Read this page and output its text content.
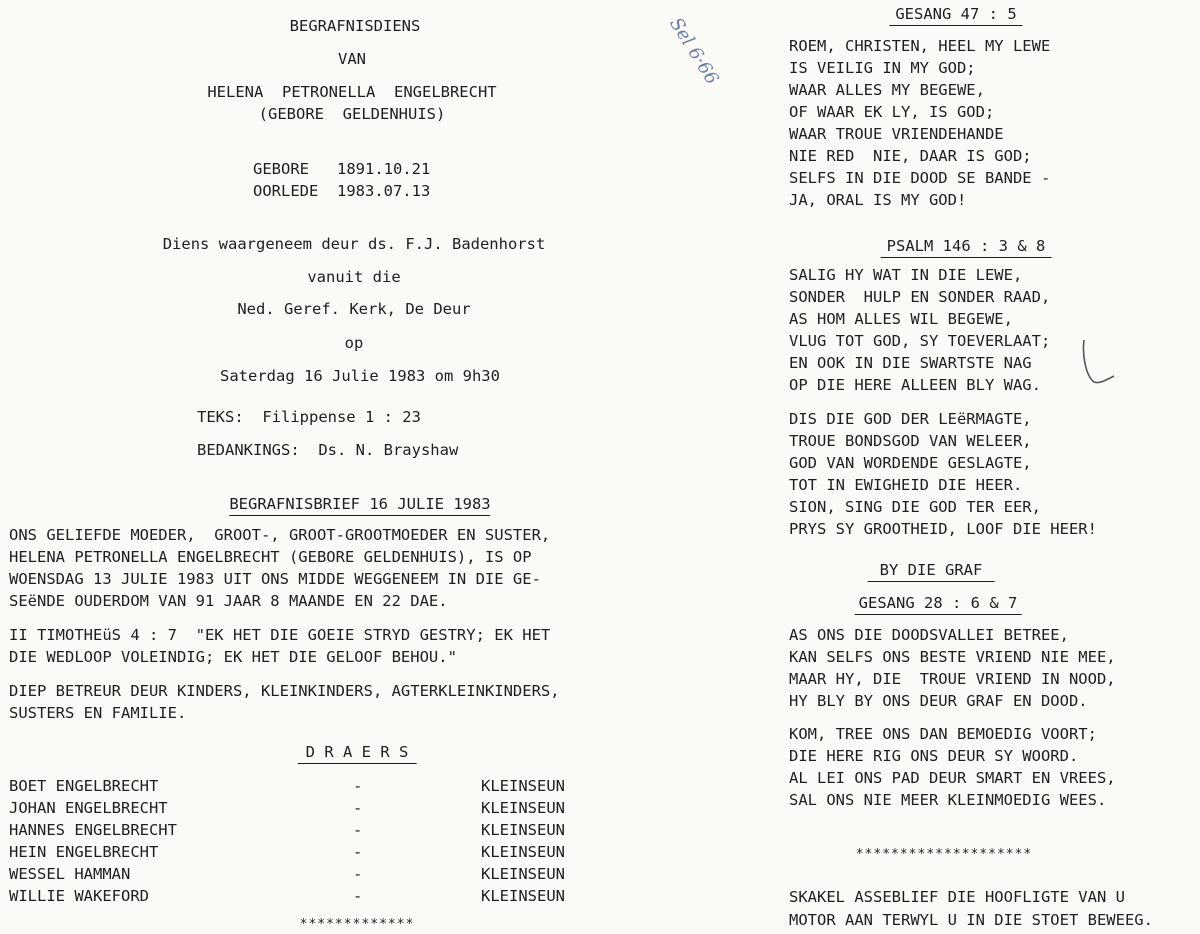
BEGRAFNISDIENS
VAN
HELENA  PETRONELLA  ENGELBRECHT
(GEBORE  GELDENHUIS)
GEBORE   1891.10.21
OORLEDE  1983.07.13
Diens waargeneem deur ds. F.J. Badenhorst
vanuit die
Ned. Geref. Kerk, De Deur
op
Saterdag 16 Julie 1983 om 9h30
TEKS:  Filippense 1 : 23
BEDANKINGS:  Ds. N. Brayshaw
BEGRAFNISBRIEF 16 JULIE 1983
ONS GELIEFDE MOEDER,  GROOT-, GROOT-GROOTMOEDER EN SUSTER,
HELENA PETRONELLA ENGELBRECHT (GEBORE GELDENHUIS), IS OP
WOENSDAG 13 JULIE 1983 UIT ONS MIDDE WEGGENEEM IN DIE GE-
SEëNDE OUDERDOM VAN 91 JAAR 8 MAANDE EN 22 DAE.
II TIMOTHEüS 4 : 7  "EK HET DIE GOEIE STRYD GESTRY; EK HET
DIE WEDLOOP VOLEINDIG; EK HET DIE GELOOF BEHOU."
DIEP BETREUR DEUR KINDERS, KLEINKINDERS, AGTERKLEINKINDERS,
SUSTERS EN FAMILIE.
D R A E R S
BOET ENGELBRECHT	-	KLEINSEUN
JOHAN ENGELBRECHT	-	KLEINSEUN
HANNES ENGELBRECHT	-	KLEINSEUN
HEIN ENGELBRECHT	-	KLEINSEUN
WESSEL HAMMAN	-	KLEINSEUN
WILLIE WAKEFORD	-	KLEINSEUN
*************
Sel 6·66	GESANG 47 : 5
ROEM, CHRISTEN, HEEL MY LEWE
IS VEILIG IN MY GOD;
WAAR ALLES MY BEGEWE,
OF WAAR EK LY, IS GOD;
WAAR TROUE VRIENDEHANDE
NIE RED  NIE, DAAR IS GOD;
SELFS IN DIE DOOD SE BANDE -
JA, ORAL IS MY GOD!
PSALM 146 : 3 & 8
SALIG HY WAT IN DIE LEWE,
SONDER  HULP EN SONDER RAAD,
AS HOM ALLES WIL BEGEWE,
VLUG TOT GOD, SY TOEVERLAAT;
EN OOK IN DIE SWARTSTE NAG
OP DIE HERE ALLEEN BLY WAG.
DIS DIE GOD DER LEëRMAGTE,
TROUE BONDSGOD VAN WELEER,
GOD VAN WORDENDE GESLAGTE,
TOT IN EWIGHEID DIE HEER.
SION, SING DIE GOD TER EER,
PRYS SY GROOTHEID, LOOF DIE HEER!
BY DIE GRAF
GESANG 28 : 6 & 7
AS ONS DIE DOODSVALLEI BETREE,
KAN SELFS ONS BESTE VRIEND NIE MEE,
MAAR HY, DIE  TROUE VRIEND IN NOOD,
HY BLY BY ONS DEUR GRAF EN DOOD.
KOM, TREE ONS DAN BEMOEDIG VOORT;
DIE HERE RIG ONS DEUR SY WOORD.
AL LEI ONS PAD DEUR SMART EN VREES,
SAL ONS NIE MEER KLEINMOEDIG WEES.
********************
SKAKEL ASSEBLIEF DIE HOOFLIGTE VAN U
MOTOR AAN TERWYL U IN DIE STOET BEWEEG.
